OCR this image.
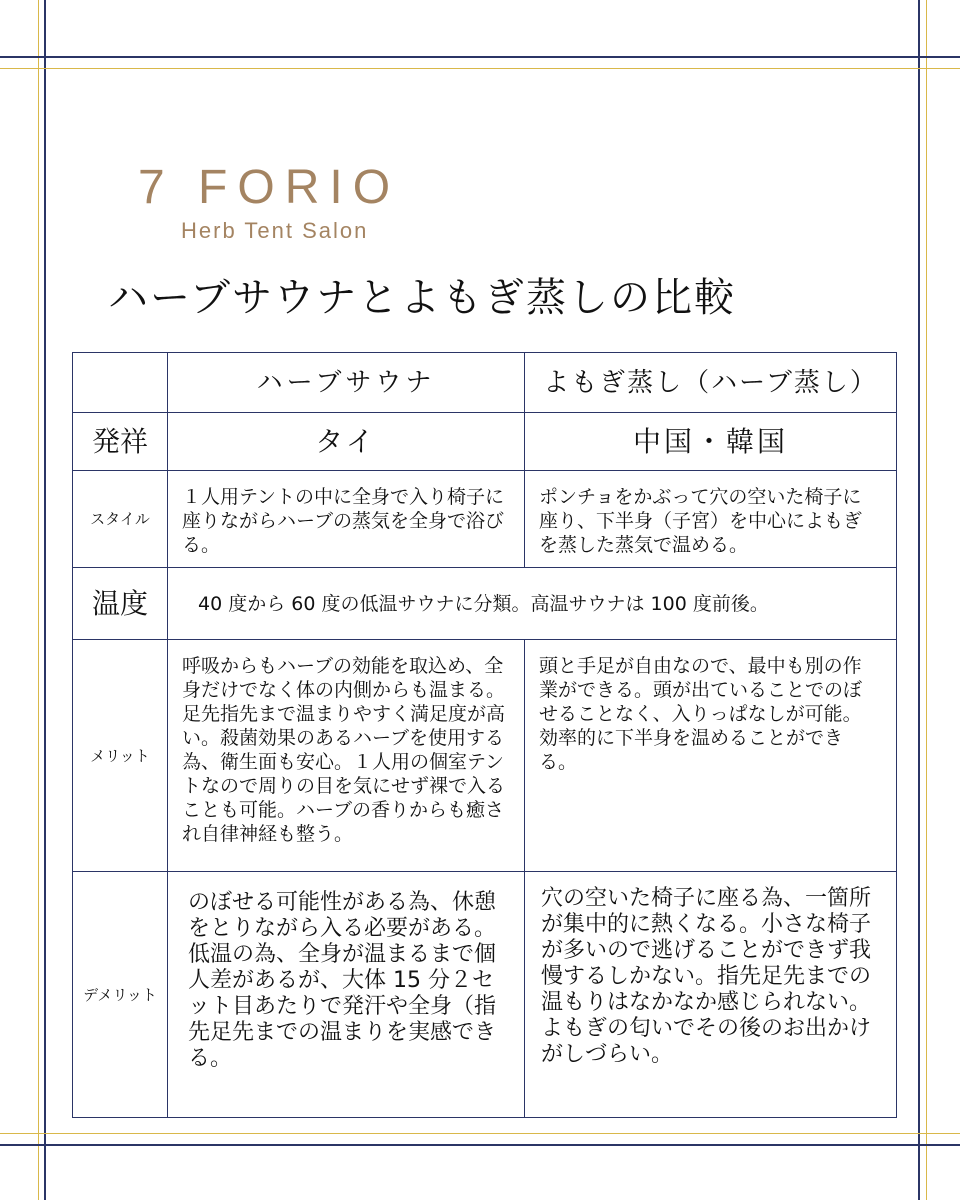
7 FORIO
Herb Tent Salon
ハーブサウナとよもぎ蒸しの比較
	ハーブサウナ	よもぎ蒸し（ハーブ蒸し）
発祥	タイ	中国・韓国
スタイル	１人用テントの中に全身で入り椅子に座りながらハーブの蒸気を全身で浴びる。	ポンチョをかぶって穴の空いた椅子に座り、下半身（子宮）を中心によもぎを蒸した蒸気で温める。
温度	40 度から 60 度の低温サウナに分類。高温サウナは 100 度前後。	
メリット	呼吸からもハーブの効能を取込め、全身だけでなく体の内側からも温まる。足先指先まで温まりやすく満足度が高い。殺菌効果のあるハーブを使用する為、衛生面も安心。１人用の個室テントなので周りの目を気にせず裸で入ることも可能。ハーブの香りからも癒され自律神経も整う。	頭と手足が自由なので、最中も別の作業ができる。頭が出ていることでのぼせることなく、入りっぱなしが可能。効率的に下半身を温めることができる。
デメリット	のぼせる可能性がある為、休憩をとりながら入る必要がある。低温の為、全身が温まるまで個人差があるが、大体 15 分２セット目あたりで発汗や全身（指先足先までの温まりを実感できる。	穴の空いた椅子に座る為、一箇所が集中的に熱くなる。小さな椅子が多いので逃げることができず我慢するしかない。指先足先までの温もりはなかなか感じられない。よもぎの匂いでその後のお出かけがしづらい。
